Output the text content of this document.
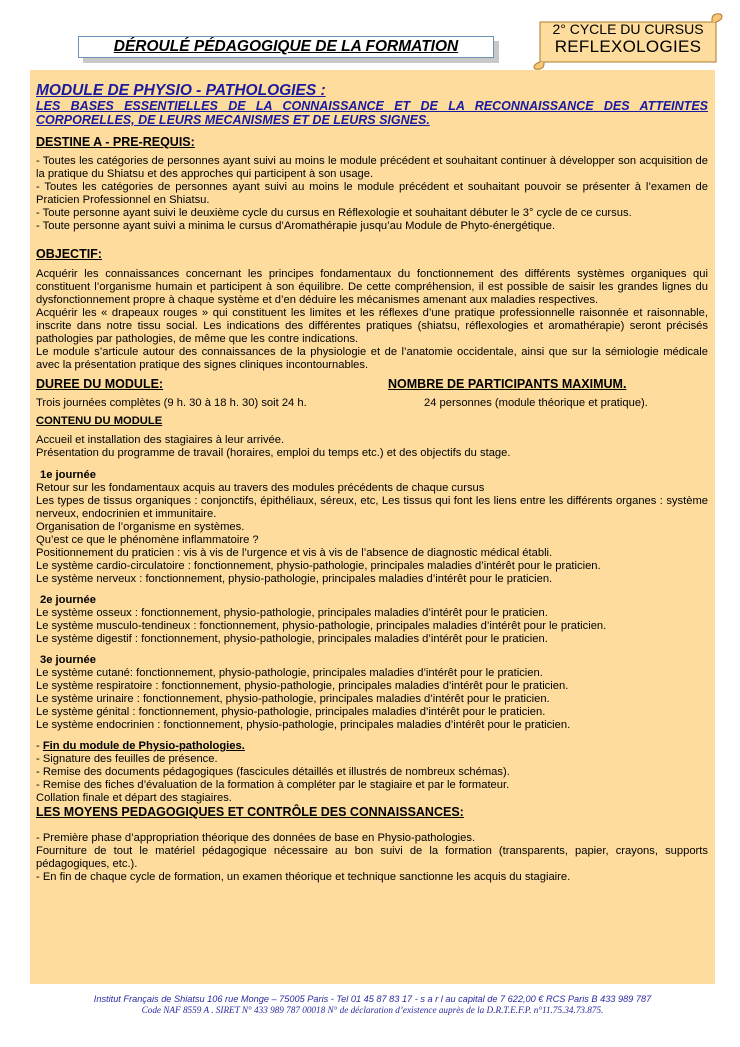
DÉROULÉ PÉDAGOGIQUE DE LA FORMATION
2° CYCLE DU CURSUS
REFLEXOLOGIES
MODULE DE PHYSIO - PATHOLOGIES :
LES BASES ESSENTIELLES DE LA CONNAISSANCE ET DE LA RECONNAISSANCE DES ATTEINTES CORPORELLES, DE LEURS MECANISMES ET DE LEURS SIGNES.
DESTINE A - PRE-REQUIS:

- Toutes les catégories de personnes ayant suivi au moins le module précédent et souhaitant continuer à développer son acquisition de la pratique du Shiatsu et des approches qui participent à son usage.

- Toutes les catégories de personnes ayant suivi au moins le module précédent et souhaitant pouvoir se présenter à l’examen de Praticien Professionnel en Shiatsu.

- Toute personne ayant suivi le deuxième cycle du cursus en Réflexologie et souhaitant débuter le 3° cycle de ce cursus.

- Toute personne ayant suivi a minima le cursus d’Aromathérapie jusqu’au Module de Phyto-énergétique.

OBJECTIF:

Acquérir les connaissances concernant les principes fondamentaux du fonctionnement des différents systèmes organiques qui constituent l’organisme humain et participent à son équilibre. De cette compréhension, il est possible de saisir les grandes lignes du dysfonctionnement propre à chaque système et d’en déduire les mécanismes amenant aux maladies respectives.

Acquérir les « drapeaux rouges » qui constituent les limites et les réflexes d’une pratique professionnelle raisonnée et raisonnable, inscrite dans notre tissu social. Les indications des différentes pratiques (shiatsu, réflexologies et aromathérapie) seront précisés pathologies par pathologies, de même que les contre indications.

Le module s’articule autour des connaissances de la physiologie et de l’anatomie occidentale, ainsi que sur la sémiologie médicale avec la présentation pratique des signes cliniques incontournables.

DUREE DU MODULE:	NOMBRE DE PARTICIPANTS MAXIMUM.
Trois journées complètes (9 h. 30 à 18 h. 30) soit 24 h.	24 personnes (module théorique et pratique).
CONTENU DU MODULE

Accueil et installation des stagiaires à leur arrivée.

Présentation du programme de travail (horaires, emploi du temps etc.) et des objectifs du stage.

1e journée

Retour sur les fondamentaux acquis au travers des modules précédents de chaque cursus

Les types de tissus organiques : conjonctifs, épithéliaux, séreux, etc, Les tissus qui font les liens entre les différents organes : système nerveux, endocrinien et immunitaire.

Organisation de l’organisme en systèmes.

Qu’est ce que le phénomène inflammatoire ?

Positionnement du praticien : vis à vis de l’urgence et vis à vis de l’absence de diagnostic médical établi.

Le système cardio-circulatoire : fonctionnement, physio-pathologie, principales maladies d’intérêt pour le praticien.

Le système nerveux : fonctionnement, physio-pathologie, principales maladies d’intérêt pour le praticien.

2e journée

Le système osseux : fonctionnement, physio-pathologie, principales maladies d’intérêt pour le praticien.

Le système musculo-tendineux : fonctionnement, physio-pathologie, principales maladies d’intérêt pour le praticien.

Le système digestif : fonctionnement, physio-pathologie, principales maladies d’intérêt pour le praticien.

3e journée

Le système cutané: fonctionnement, physio-pathologie, principales maladies d’intérêt pour le praticien.

Le système respiratoire : fonctionnement, physio-pathologie, principales maladies d’intérêt pour le praticien.

Le système urinaire : fonctionnement, physio-pathologie, principales maladies d’intérêt pour le praticien.

Le système génital : fonctionnement, physio-pathologie, principales maladies d’intérêt pour le praticien.

Le système endocrinien : fonctionnement, physio-pathologie, principales maladies d’intérêt pour le praticien.

- Fin du module de Physio-pathologies.

- Signature des feuilles de présence.

- Remise des documents pédagogiques (fascicules détaillés et illustrés de nombreux schémas).

- Remise des fiches d’évaluation de la formation à compléter par le stagiaire et par le formateur.

Collation finale et départ des stagiaires.

LES MOYENS PEDAGOGIQUES ET CONTRÔLE DES CONNAISSANCES:

- Première phase d’appropriation théorique des données de base en Physio-pathologies.

Fourniture de tout le matériel pédagogique nécessaire au bon suivi de la formation (transparents, papier, crayons, supports pédagogiques, etc.).

- En fin de chaque cycle de formation, un examen théorique et technique sanctionne les acquis du stagiaire.

Institut Français de Shiatsu 106 rue Monge – 75005 Paris - Tel 01 45 87 83 17 - s a r l au capital de 7 622,00 € RCS Paris B 433 989 787
Code NAF 8559 A . SIRET N° 433 989 787 00018 N° de déclaration d’existence auprès de la D.R.T.E.F.P. n°11.75.34.73.875.
